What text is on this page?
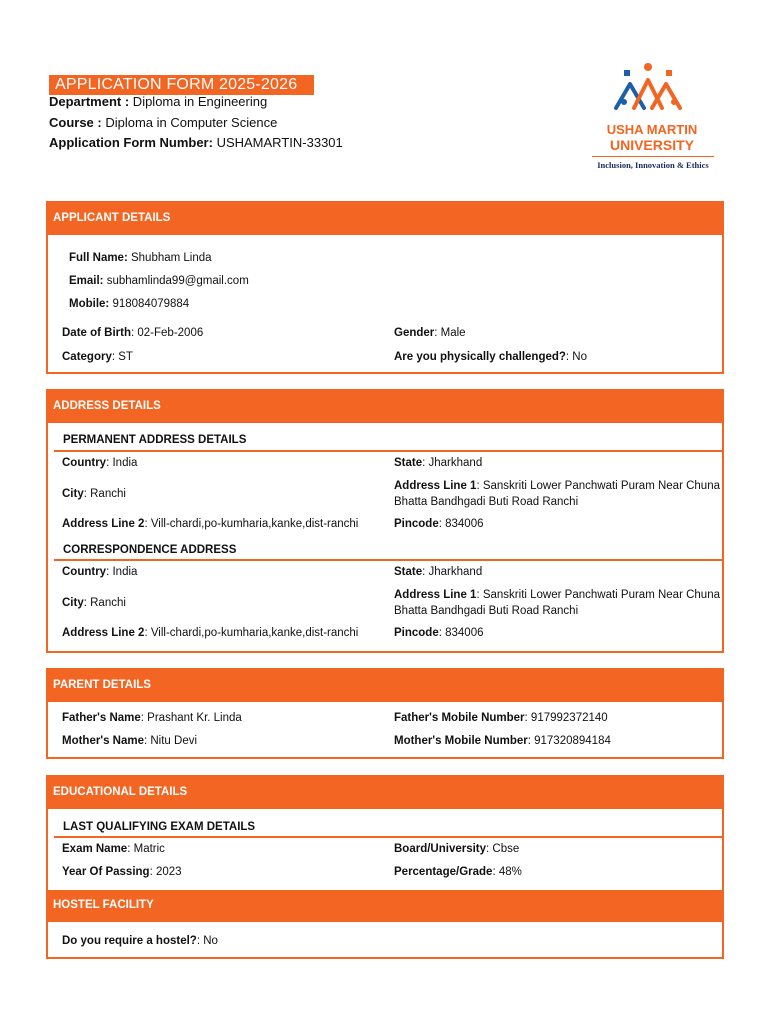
APPLICATION FORM 2025-2026
Department : Diploma in Engineering
Course : Diploma in Computer Science
Application Form Number: USHAMARTIN-33301
USHA MARTIN
UNIVERSITY
Inclusion, Innovation & Ethics
APPLICANT DETAILS
Full Name: Shubham Linda
Email: subhamlinda99@gmail.com
Mobile: 918084079884
Date of Birth: 02-Feb-2006	Gender: Male
Category: ST	Are you physically challenged?: No
ADDRESS DETAILS
PERMANENT ADDRESS DETAILS
Country: India	State: Jharkhand
City: Ranchi
Address Line 1: Sanskriti Lower Panchwati Puram Near Chuna
Bhatta Bandhgadi Buti Road Ranchi
Address Line 2: Vill-chardi,po-kumharia,kanke,dist-ranchi	Pincode: 834006
CORRESPONDENCE ADDRESS
Country: India	State: Jharkhand
City: Ranchi
Address Line 1: Sanskriti Lower Panchwati Puram Near Chuna
Bhatta Bandhgadi Buti Road Ranchi
Address Line 2: Vill-chardi,po-kumharia,kanke,dist-ranchi	Pincode: 834006
PARENT DETAILS
Father's Name: Prashant Kr. Linda	Father's Mobile Number: 917992372140
Mother's Name: Nitu Devi	Mother's Mobile Number: 917320894184
EDUCATIONAL DETAILS
LAST QUALIFYING EXAM DETAILS
Exam Name: Matric	Board/University: Cbse
Year Of Passing: 2023	Percentage/Grade: 48%
HOSTEL FACILITY
Do you require a hostel?: No
